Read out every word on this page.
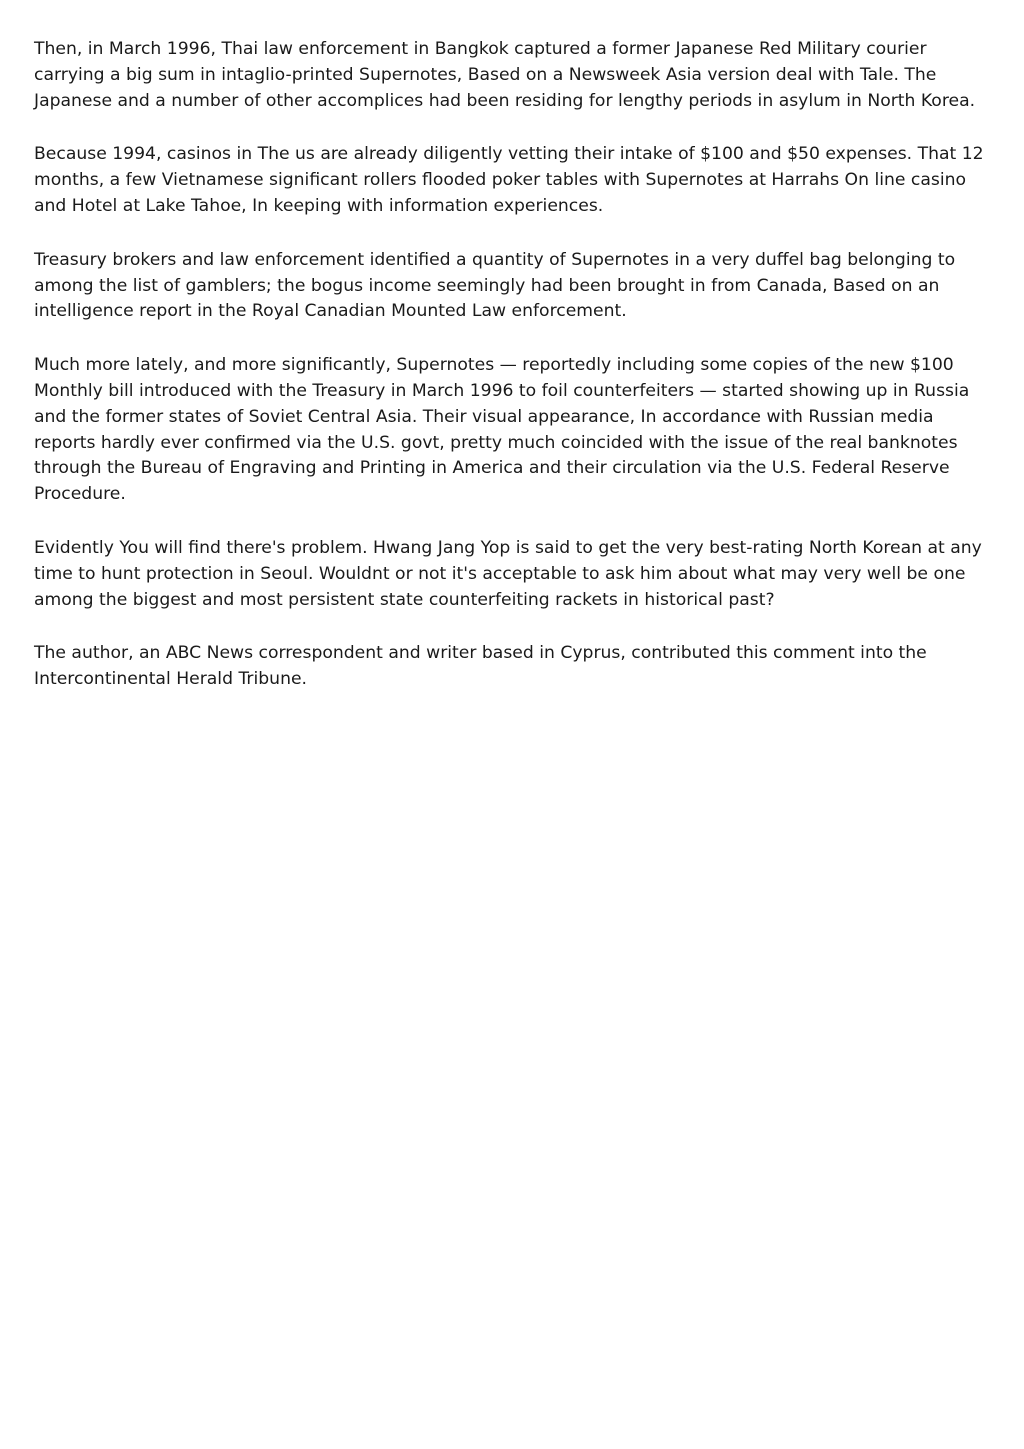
Then, in March 1996, Thai law enforcement in Bangkok captured a former Japanese Red Military courier carrying a big sum in intaglio-printed Supernotes, Based on a Newsweek Asia version deal with Tale. The Japanese and a number of other accomplices had been residing for lengthy periods in asylum in North Korea.

Because 1994, casinos in The us are already diligently vetting their intake of $100 and $50 expenses. That 12 months, a few Vietnamese significant rollers flooded poker tables with Supernotes at Harrahs On line casino and Hotel at Lake Tahoe, In keeping with information experiences.

Treasury brokers and law enforcement identified a quantity of Supernotes in a very duffel bag belonging to among the list of gamblers; the bogus income seemingly had been brought in from Canada, Based on an intelligence report in the Royal Canadian Mounted Law enforcement.

Much more lately, and more significantly, Supernotes — reportedly including some copies of the new $100 Monthly bill introduced with the Treasury in March 1996 to foil counterfeiters — started showing up in Russia and the former states of Soviet Central Asia. Their visual appearance, In accordance with Russian media reports hardly ever confirmed via the U.S. govt, pretty much coincided with the issue of the real banknotes through the Bureau of Engraving and Printing in America and their circulation via the U.S. Federal Reserve Procedure.

Evidently You will find there's problem. Hwang Jang Yop is said to get the very best-rating North Korean at any time to hunt protection in Seoul. Wouldnt or not it's acceptable to ask him about what may very well be one among the biggest and most persistent state counterfeiting rackets in historical past?

The author, an ABC News correspondent and writer based in Cyprus, contributed this comment into the Intercontinental Herald Tribune.
